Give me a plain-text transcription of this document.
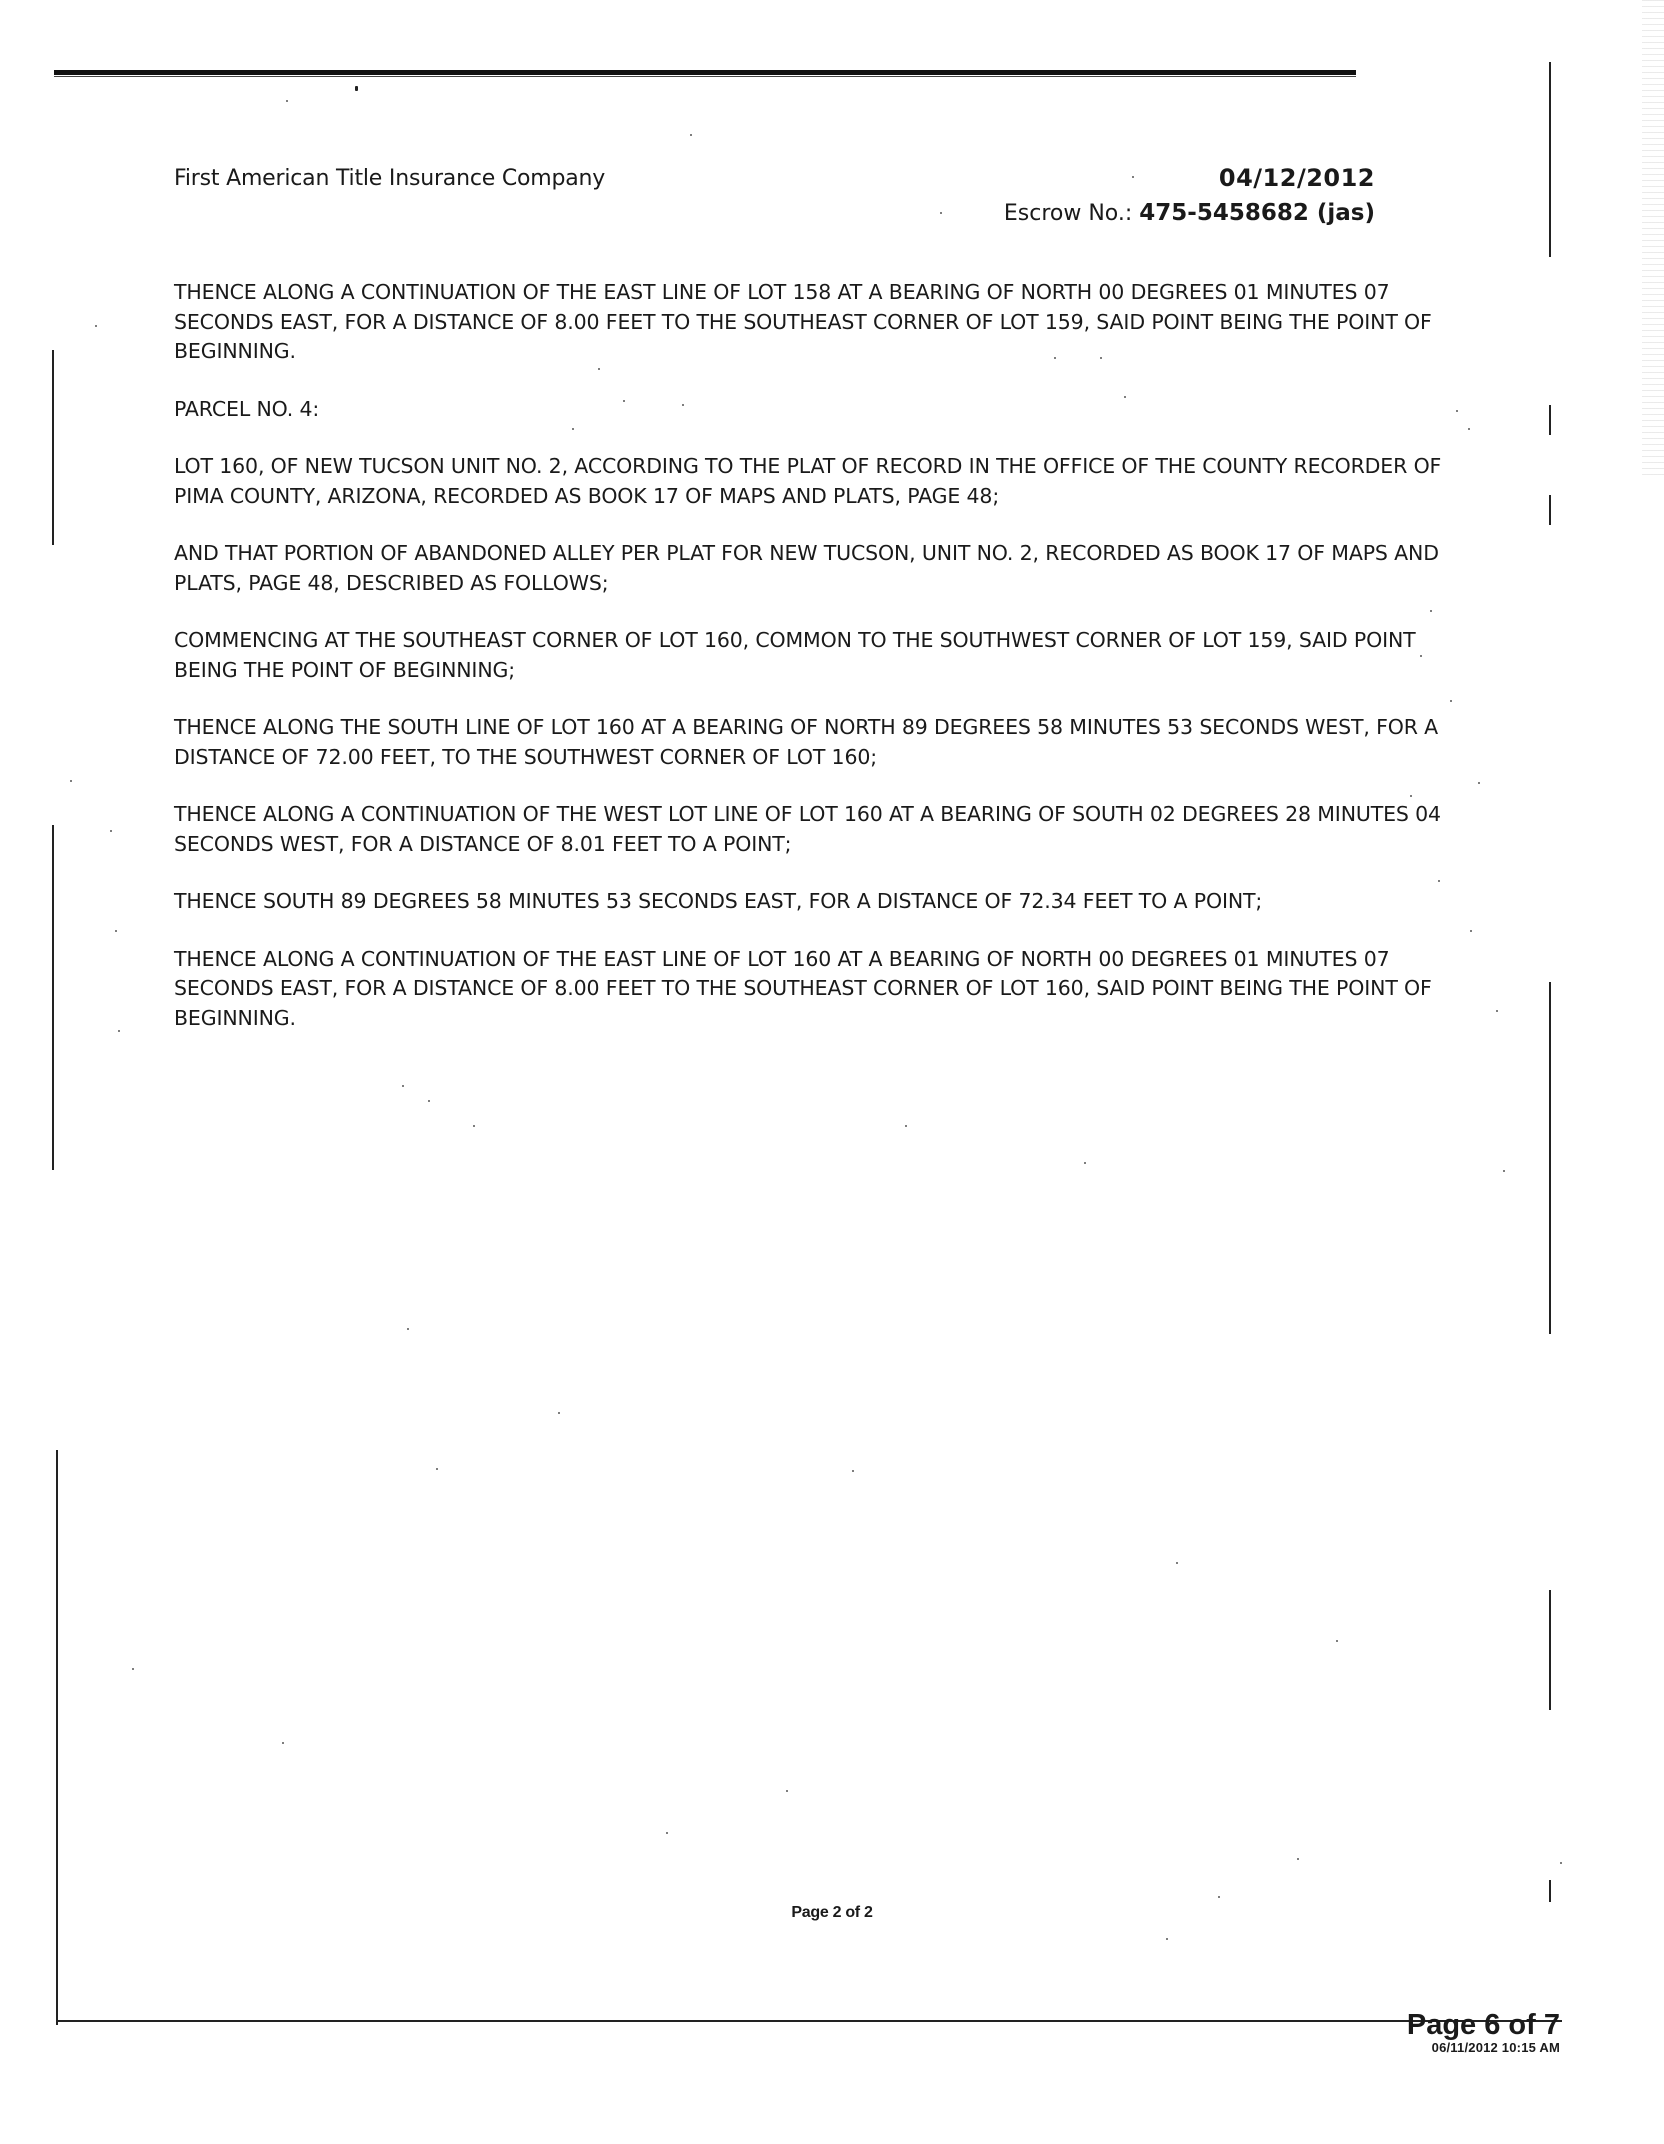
First American Title Insurance Company	04/12/2012
Escrow No.: 475-5458682 (jas)

THENCE ALONG A CONTINUATION OF THE EAST LINE OF LOT 158 AT A BEARING OF NORTH 00 DEGREES 01 MINUTES 07 SECONDS EAST, FOR A DISTANCE OF 8.00 FEET TO THE SOUTHEAST CORNER OF LOT 159, SAID POINT BEING THE POINT OF BEGINNING.

PARCEL NO. 4:

LOT 160, OF NEW TUCSON UNIT NO. 2, ACCORDING TO THE PLAT OF RECORD IN THE OFFICE OF THE COUNTY RECORDER OF PIMA COUNTY, ARIZONA, RECORDED AS BOOK 17 OF MAPS AND PLATS, PAGE 48;

AND THAT PORTION OF ABANDONED ALLEY PER PLAT FOR NEW TUCSON, UNIT NO. 2, RECORDED AS BOOK 17 OF MAPS AND PLATS, PAGE 48, DESCRIBED AS FOLLOWS;

COMMENCING AT THE SOUTHEAST CORNER OF LOT 160, COMMON TO THE SOUTHWEST CORNER OF LOT 159, SAID POINT BEING THE POINT OF BEGINNING;

THENCE ALONG THE SOUTH LINE OF LOT 160 AT A BEARING OF NORTH 89 DEGREES 58 MINUTES 53 SECONDS WEST, FOR A DISTANCE OF 72.00 FEET, TO THE SOUTHWEST CORNER OF LOT 160;

THENCE ALONG A CONTINUATION OF THE WEST LOT LINE OF LOT 160 AT A BEARING OF SOUTH 02 DEGREES 28 MINUTES 04 SECONDS WEST, FOR A DISTANCE OF 8.01 FEET TO A POINT;

THENCE SOUTH 89 DEGREES 58 MINUTES 53 SECONDS EAST, FOR A DISTANCE OF 72.34 FEET TO A POINT;

THENCE ALONG A CONTINUATION OF THE EAST LINE OF LOT 160 AT A BEARING OF NORTH 00 DEGREES 01 MINUTES 07 SECONDS EAST, FOR A DISTANCE OF 8.00 FEET TO THE SOUTHEAST CORNER OF LOT 160, SAID POINT BEING THE POINT OF BEGINNING.

Page 2 of 2
Page 6 of 7
06/11/2012 10:15 AM
